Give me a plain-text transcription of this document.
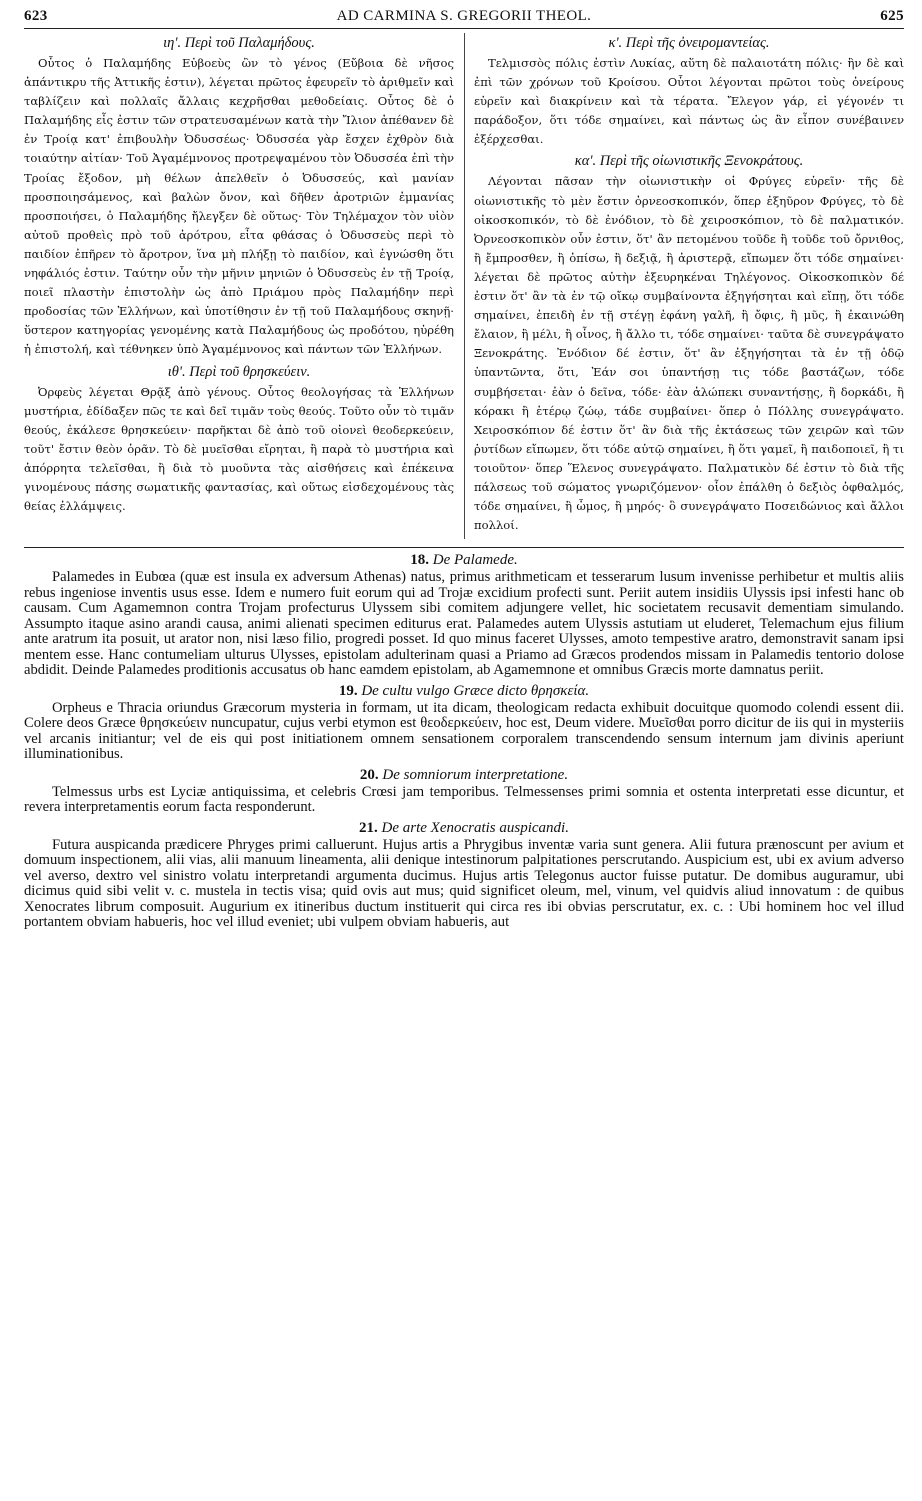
623	AD CARMINA S. GREGORII THEOL.	625
ιη'. Περὶ τοῦ Παλαμήδους.

Οὗτος ὁ Παλαμήδης Εὐβοεὺς ὢν τὸ γένος (Εὔβοια δὲ νῆσος ἀπάντικρυ τῆς Ἀττικῆς ἐστιν), λέγεται πρῶτος ἐφευρεῖν τὸ ἀριθμεῖν καὶ ταβλίζειν καὶ πολλαῖς ἄλλαις κεχρῆσθαι μεθοδείαις. Οὗτος δὲ ὁ Παλαμήδης εἷς ἐστιν τῶν στρατευσαμένων κατὰ τὴν Ἴλιον ἀπέθανεν δὲ ἐν Τροίᾳ κατ' ἐπιβουλὴν Ὀδυσσέως· Ὀδυσσέα γὰρ ἔσχεν ἐχθρὸν διὰ τοιαύτην αἰτίαν· Τοῦ Ἀγαμέμνονος προτρεψαμένου τὸν Ὀδυσσέα ἐπὶ τὴν Τροίας ἔξοδον, μὴ θέλων ἀπελθεῖν ὁ Ὀδυσσεύς, καὶ μανίαν προσποιησάμενος, καὶ βαλὼν ὄνον, καὶ δῆθεν ἀροτριῶν ἐμμανίας προσποιήσει, ὁ Παλαμήδης ἤλεγξεν δὲ οὕτως· Τὸν Τηλέμαχον τὸν υἱὸν αὐτοῦ προθεὶς πρὸ τοῦ ἀρότρου, εἶτα φθάσας ὁ Ὀδυσσεὺς περὶ τὸ παιδίον ἐπῆρεν τὸ ἄροτρον, ἵνα μὴ πλήξῃ τὸ παιδίον, καὶ ἐγνώσθη ὅτι νηφάλιός ἐστιν. Ταύτην οὖν τὴν μῆνιν μηνιῶν ὁ Ὀδυσσεὺς ἐν τῇ Τροίᾳ, ποιεῖ πλαστὴν ἐπιστολὴν ὡς ἀπὸ Πριάμου πρὸς Παλαμήδην περὶ προδοσίας τῶν Ἑλλήνων, καὶ ὑποτίθησιν ἐν τῇ τοῦ Παλαμήδους σκηνῇ· ὕστερον κατηγορίας γενομένης κατὰ Παλαμήδους ὡς προδότου, ηὑρέθη ἡ ἐπιστολή, καὶ τέθνηκεν ὑπὸ Ἀγαμέμνονος καὶ πάντων τῶν Ἑλλήνων.

ιθ'. Περὶ τοῦ θρησκεύειν.

Ὀρφεὺς λέγεται Θρᾷξ ἀπὸ γένους. Οὗτος θεολογήσας τὰ Ἑλλήνων μυστήρια, ἐδίδαξεν πῶς τε καὶ δεῖ τιμᾶν τοὺς θεούς. Τοῦτο οὖν τὸ τιμᾶν θεούς, ἐκάλεσε θρησκεύειν· παρῆκται δὲ ἀπὸ τοῦ οἱονεὶ θεοδερκεύειν, τοῦτ' ἔστιν θεὸν ὁρᾶν. Τὸ δὲ μυεῖσθαι εἴρηται, ἢ παρὰ τὸ μυστήρια καὶ ἀπόρρητα τελεῖσθαι, ἢ διὰ τὸ μυοῦντα τὰς αἰσθήσεις καὶ ἐπέκεινα γινομένους πάσης σωματικῆς φαντασίας, καὶ οὕτως εἰσδεχομένους τὰς θείας ἐλλάμψεις.

κ'. Περὶ τῆς ὀνειρομαντείας.

Τελμισσὸς πόλις ἐστὶν Λυκίας, αὕτη δὲ παλαιοτάτη πόλις· ἣν δὲ καὶ ἐπὶ τῶν χρόνων τοῦ Κροίσου. Οὗτοι λέγονται πρῶτοι τοὺς ὀνείρους εὑρεῖν καὶ διακρίνειν καὶ τὰ τέρατα. Ἔλεγον γάρ, εἰ γέγονέν τι παράδοξον, ὅτι τόδε σημαίνει, καὶ πάντως ὡς ἂν εἶπον συνέβαινεν ἐξέρχεσθαι.

κα'. Περὶ τῆς οἰωνιστικῆς Ξενοκράτους.

Λέγονται πᾶσαν τὴν οἰωνιστικὴν οἱ Φρύγες εὑρεῖν· τῆς δὲ οἰωνιστικῆς τὸ μὲν ἔστιν ὀρνεοσκοπικόν, ὅπερ ἐξηῦρον Φρύγες, τὸ δὲ οἰκοσκοπικόν, τὸ δὲ ἐνόδιον, τὸ δὲ χειροσκόπιον, τὸ δὲ παλματικόν. Ὀρνεοσκοπικὸν οὖν ἐστιν, ὅτ' ἂν πετομένου τοῦδε ἢ τοῦδε τοῦ ὄρνιθος, ἢ ἔμπροσθεν, ἢ ὀπίσω, ἢ δεξιᾷ, ἢ ἀριστερᾷ, εἴπωμεν ὅτι τόδε σημαίνει· λέγεται δὲ πρῶτος αὐτὴν ἐξευρηκέναι Τηλέγονος. Οἰκοσκοπικὸν δέ ἐστιν ὅτ' ἂν τὰ ἐν τῷ οἴκῳ συμβαίνοντα ἐξηγήσηται καὶ εἴπῃ, ὅτι τόδε σημαίνει, ἐπειδὴ ἐν τῇ στέγῃ ἐφάνη γαλῆ, ἢ ὄφις, ἢ μῦς, ἢ ἐκαινώθη ἔλαιον, ἢ μέλι, ἢ οἶνος, ἢ ἄλλο τι, τόδε σημαίνει· ταῦτα δὲ συνεγράψατο Ξενοκράτης. Ἐνόδιον δέ ἐστιν, ὅτ' ἂν ἐξηγήσηται τὰ ἐν τῇ ὁδῷ ὑπαντῶντα, ὅτι, Ἐάν σοι ὑπαντήσῃ τις τόδε βαστάζων, τόδε συμβήσεται· ἐὰν ὁ δεῖνα, τόδε· ἐὰν ἀλώπεκι συναντήσῃς, ἢ δορκάδι, ἢ κόρακι ἢ ἑτέρῳ ζώῳ, τάδε συμβαίνει· ὅπερ ὁ Πόλλης συνεγράψατο. Χειροσκόπιον δέ ἐστιν ὅτ' ἂν διὰ τῆς ἐκτάσεως τῶν χειρῶν καὶ τῶν ῥυτίδων εἴπωμεν, ὅτι τόδε αὐτῷ σημαίνει, ἢ ὅτι γαμεῖ, ἢ παιδοποιεῖ, ἢ τι τοιοῦτον· ὅπερ Ἕλενος συνεγράψατο. Παλματικὸν δέ ἐστιν τὸ διὰ τῆς πάλσεως τοῦ σώματος γνωριζόμενον· οἷον ἐπάλθη ὁ δεξιὸς ὀφθαλμός, τόδε σημαίνει, ἢ ὦμος, ἢ μηρός· ὃ συνεγράψατο Ποσειδώνιος καὶ ἄλλοι πολλοί.

18. De Palamede.

Palamedes in Eubœa (quæ est insula ex adversum Athenas) natus, primus arithmeticam et tesserarum lusum invenisse perhibetur et multis aliis rebus ingeniose inventis usus esse. Idem e numero fuit eorum qui ad Trojæ excidium profecti sunt. Periit autem insidiis Ulyssis ipsi infesti hanc ob causam. Cum Agamemnon contra Trojam profecturus Ulyssem sibi comitem adjungere vellet, hic societatem recusavit dementiam simulando. Assumpto itaque asino arandi causa, animi alienati specimen editurus erat. Palamedes autem Ulyssis astutiam ut eluderet, Telemachum ejus filium ante aratrum ita posuit, ut arator non, nisi læso filio, progredi posset. Id quo minus faceret Ulysses, amoto tempestive aratro, demonstravit sanam ipsi mentem esse. Hanc contumeliam ulturus Ulysses, epistolam adulterinam quasi a Priamo ad Græcos prodendos missam in Palamedis tentorio dolose abdidit. Deinde Palamedes proditionis accusatus ob hanc eamdem epistolam, ab Agamemnone et omnibus Græcis morte damnatus periit.

19. De cultu vulgo Græce dicto θρησκεία.

Orpheus e Thracia oriundus Græcorum mysteria in formam, ut ita dicam, theologicam redacta exhibuit docuitque quomodo colendi essent dii. Colere deos Græce θρησκεύειν nuncupatur, cujus verbi etymon est θεοδερκεύειν, hoc est, Deum videre. Μυεῖσθαι porro dicitur de iis qui in mysteriis vel arcanis initiantur; vel de eis qui post initiationem omnem sensationem corporalem transcendendo sensum internum jam divinis aperiunt illuminationibus.

20. De somniorum interpretatione.

Telmessus urbs est Lyciæ antiquissima, et celebris Crœsi jam temporibus. Telmessenses primi somnia et ostenta interpretati esse dicuntur, et revera interpretamentis eorum facta responderunt.

21. De arte Xenocratis auspicandi.

Futura auspicanda prædicere Phryges primi calluerunt. Hujus artis a Phrygibus inventæ varia sunt genera. Alii futura prænoscunt per avium et domuum inspectionem, alii vias, alii manuum lineamenta, alii denique intestinorum palpitationes perscrutando. Auspicium est, ubi ex avium adverso vel averso, dextro vel sinistro volatu interpretandi argumenta ducimus. Hujus artis Telegonus auctor fuisse putatur. De domibus auguramur, ubi dicimus quid sibi velit v. c. mustela in tectis visa; quid ovis aut mus; quid significet oleum, mel, vinum, vel quidvis aliud innovatum : de quibus Xenocrates librum composuit. Augurium ex itineribus ductum instituerit qui circa res ibi obvias perscrutatur, ex. c. : Ubi hominem hoc vel illud portantem obviam habueris, hoc vel illud eveniet; ubi vulpem obviam habueris, aut
